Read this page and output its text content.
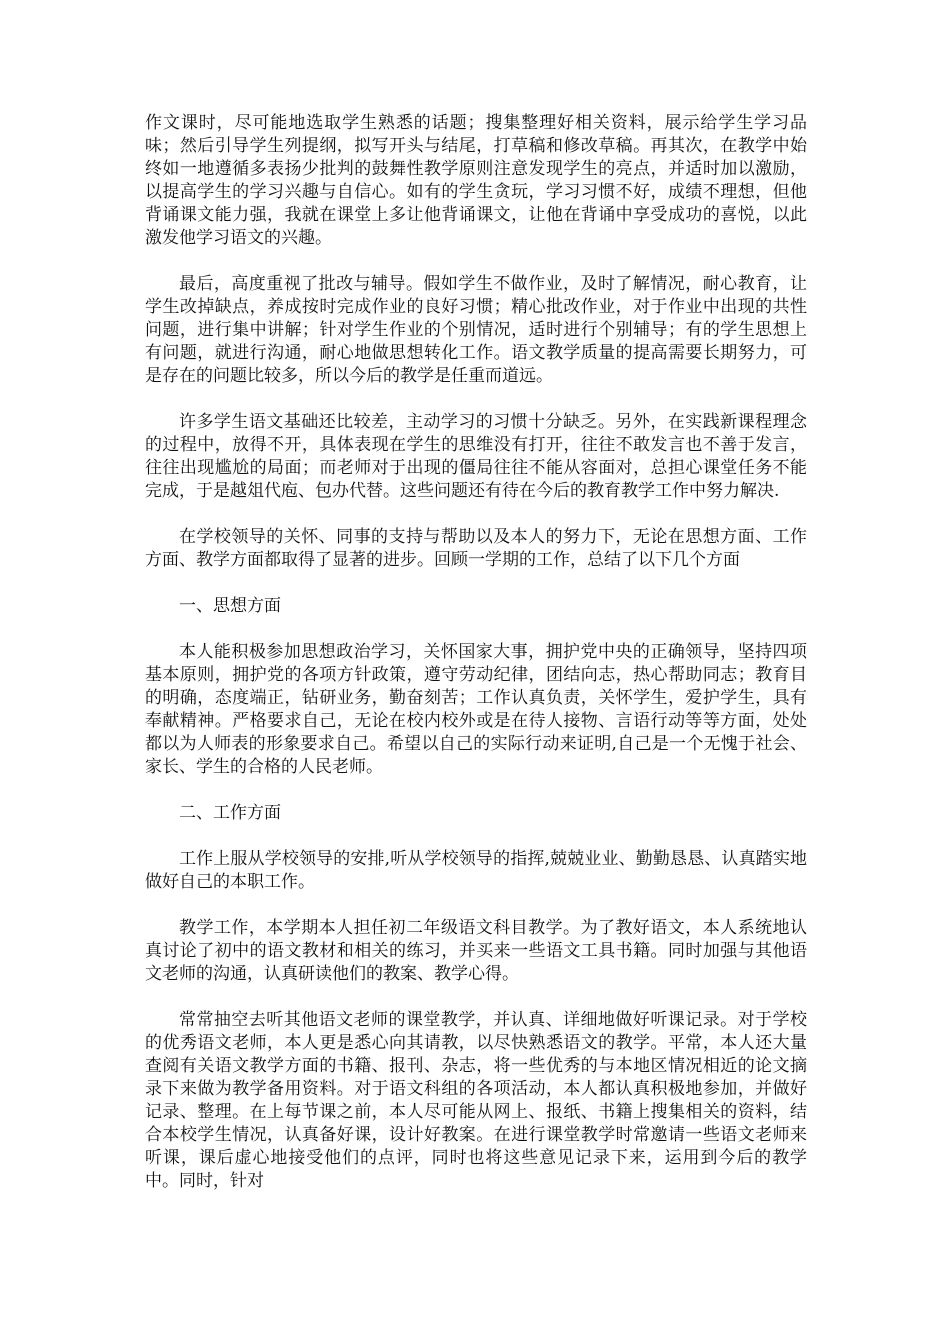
作文课时，尽可能地选取学生熟悉的话题；搜集整理好相关资料，展示给学生学习品味；然后引导学生列提纲，拟写开头与结尾，打草稿和修改草稿。再其次，在教学中始终如一地遵循多表扬少批判的鼓舞性教学原则注意发现学生的亮点，并适时加以激励，以提高学生的学习兴趣与自信心。如有的学生贪玩，学习习惯不好，成绩不理想，但他背诵课文能力强，我就在课堂上多让他背诵课文，让他在背诵中享受成功的喜悦，以此激发他学习语文的兴趣。

最后，高度重视了批改与辅导。假如学生不做作业，及时了解情况，耐心教育，让学生改掉缺点，养成按时完成作业的良好习惯；精心批改作业，对于作业中出现的共性问题，进行集中讲解；针对学生作业的个别情况，适时进行个别辅导；有的学生思想上有问题，就进行沟通，耐心地做思想转化工作。语文教学质量的提高需要长期努力，可是存在的问题比较多，所以今后的教学是任重而道远。

许多学生语文基础还比较差，主动学习的习惯十分缺乏。另外，在实践新课程理念的过程中，放得不开，具体表现在学生的思维没有打开，往往不敢发言也不善于发言，往往出现尴尬的局面；而老师对于出现的僵局往往不能从容面对，总担心课堂任务不能完成，于是越俎代庖、包办代替。这些问题还有待在今后的教育教学工作中努力解决.

在学校领导的关怀、同事的支持与帮助以及本人的努力下，无论在思想方面、工作方面、教学方面都取得了显著的进步。回顾一学期的工作，总结了以下几个方面

一、思想方面

本人能积极参加思想政治学习，关怀国家大事，拥护党中央的正确领导，坚持四项基本原则，拥护党的各项方针政策，遵守劳动纪律，团结向志，热心帮助同志；教育目的明确，态度端正，钻研业务，勤奋刻苦；工作认真负责，关怀学生，爱护学生，具有奉献精神。严格要求自己，无论在校内校外或是在待人接物、言语行动等等方面，处处都以为人师表的形象要求自己。希望以自己的实际行动来证明,自己是一个无愧于社会、家长、学生的合格的人民老师。

二、工作方面

工作上服从学校领导的安排,听从学校领导的指挥,兢兢业业、勤勤恳恳、认真踏实地做好自己的本职工作。

教学工作，本学期本人担任初二年级语文科目教学。为了教好语文，本人系统地认真讨论了初中的语文教材和相关的练习，并买来一些语文工具书籍。同时加强与其他语文老师的沟通，认真研读他们的教案、教学心得。

常常抽空去听其他语文老师的课堂教学，并认真、详细地做好听课记录。对于学校的优秀语文老师，本人更是悉心向其请教，以尽快熟悉语文的教学。平常，本人还大量查阅有关语文教学方面的书籍、报刊、杂志，将一些优秀的与本地区情况相近的论文摘录下来做为教学备用资料。对于语文科组的各项活动，本人都认真积极地参加，并做好记录、整理。在上每节课之前，本人尽可能从网上、报纸、书籍上搜集相关的资料，结合本校学生情况，认真备好课，设计好教案。在进行课堂教学时常邀请一些语文老师来听课，课后虚心地接受他们的点评，同时也将这些意见记录下来，运用到今后的教学中。同时，针对
